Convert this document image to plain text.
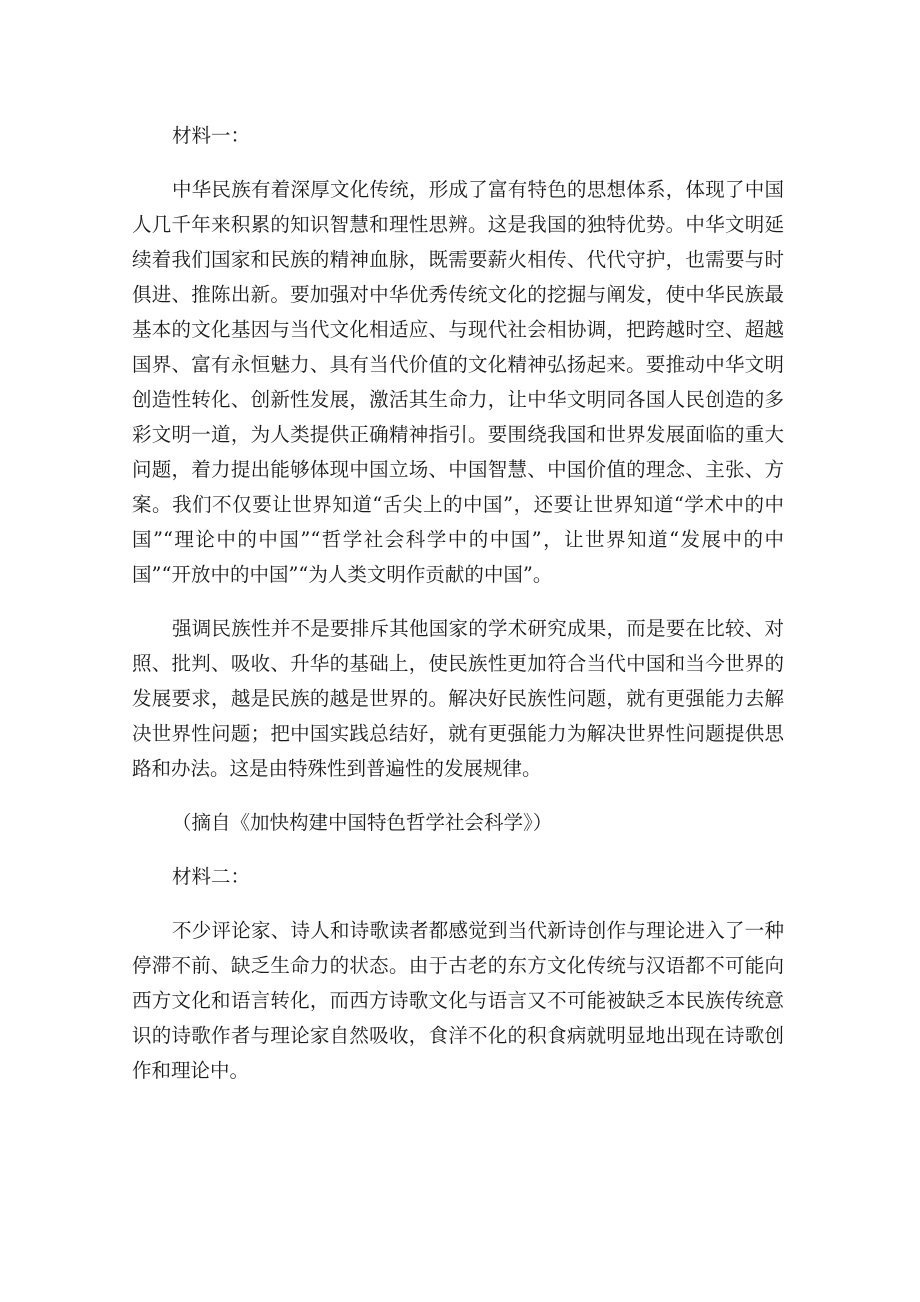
材料一：

中华民族有着深厚文化传统，形成了富有特色的思想体系，体现了中国人几千年来积累的知识智慧和理性思辨。这是我国的独特优势。中华文明延续着我们国家和民族的精神血脉，既需要薪火相传、代代守护，也需要与时俱进、推陈出新。要加强对中华优秀传统文化的挖掘与阐发，使中华民族最基本的文化基因与当代文化相适应、与现代社会相协调，把跨越时空、超越国界、富有永恒魅力、具有当代价值的文化精神弘扬起来。要推动中华文明创造性转化、创新性发展，激活其生命力，让中华文明同各国人民创造的多彩文明一道，为人类提供正确精神指引。要围绕我国和世界发展面临的重大问题，着力提出能够体现中国立场、中国智慧、中国价值的理念、主张、方案。我们不仅要让世界知道“舌尖上的中国”，还要让世界知道“学术中的中国”“理论中的中国”“哲学社会科学中的中国”，让世界知道“发展中的中国”“开放中的中国”“为人类文明作贡献的中国”。

强调民族性并不是要排斥其他国家的学术研究成果，而是要在比较、对照、批判、吸收、升华的基础上，使民族性更加符合当代中国和当今世界的发展要求，越是民族的越是世界的。解决好民族性问题，就有更强能力去解决世界性问题；把中国实践总结好，就有更强能力为解决世界性问题提供思路和办法。这是由特殊性到普遍性的发展规律。

（摘自《加快构建中国特色哲学社会科学》）

材料二：

不少评论家、诗人和诗歌读者都感觉到当代新诗创作与理论进入了一种停滞不前、缺乏生命力的状态。由于古老的东方文化传统与汉语都不可能向西方文化和语言转化，而西方诗歌文化与语言又不可能被缺乏本民族传统意识的诗歌作者与理论家自然吸收，食洋不化的积食病就明显地出现在诗歌创作和理论中。
